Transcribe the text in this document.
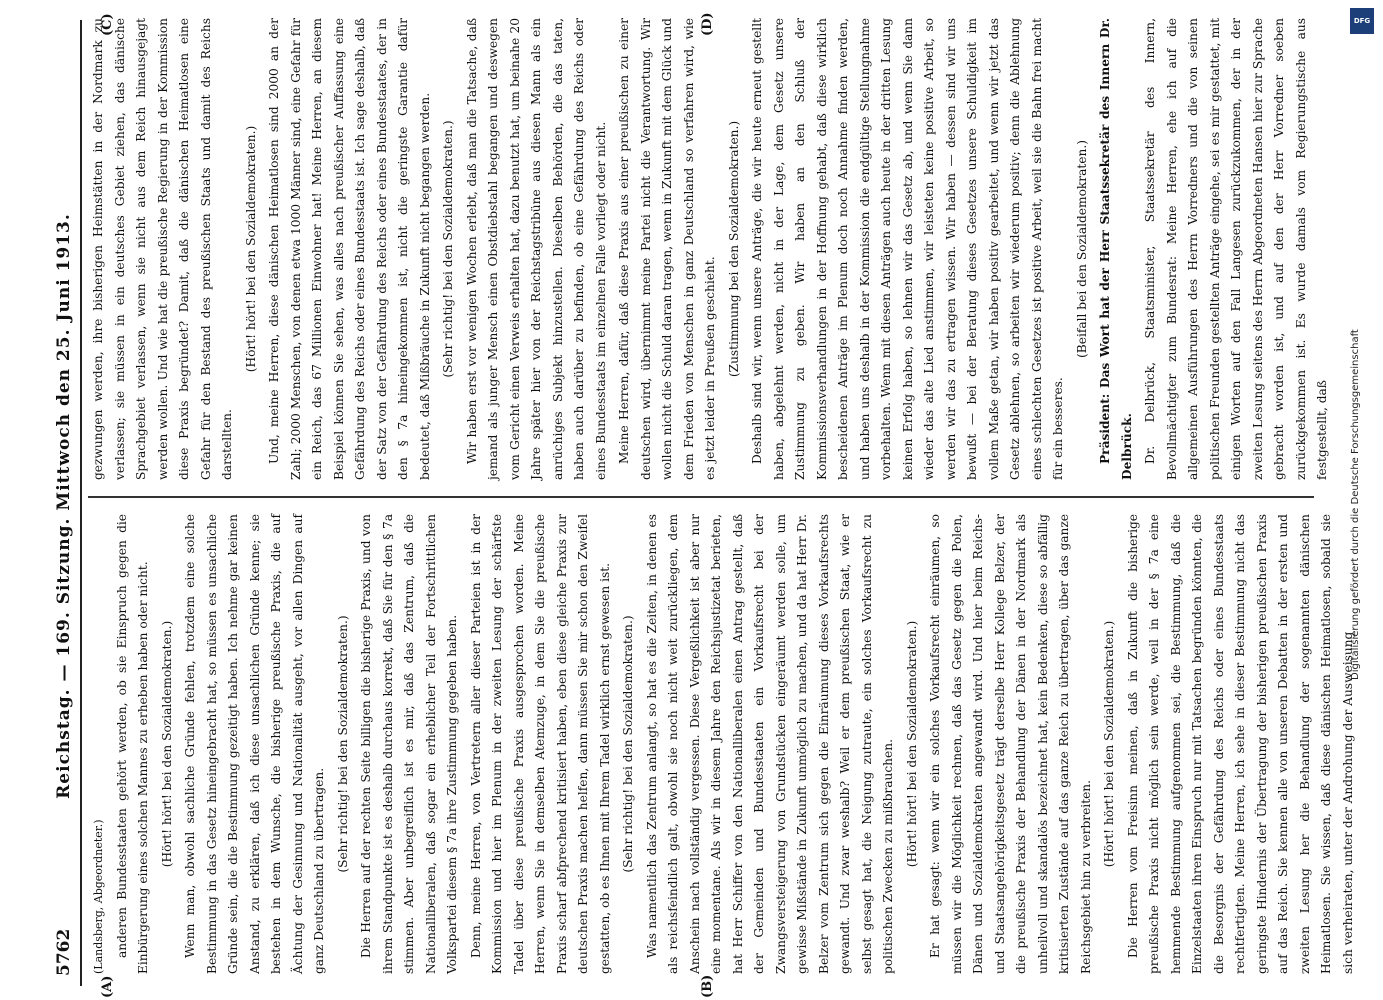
5762
Reichstag. — 169. Sitzung. Mittwoch den 25. Juni 1913.
(A)	(B)
(C)	(D)

(Landsberg, Abgeordneter.) anderen Bundesstaaten gehört werden, ob sie Einspruch gegen die Einbürgerung eines solchen Mannes zu erheben haben oder nicht. (Hört! hört! bei den Sozialdemokraten.) Wenn man, obwohl sachliche Gründe fehlen, trotzdem eine solche Bestimmung in das Gesetz hineingebracht hat, so müssen es unsachliche Gründe sein, die die Bestimmung gezeitigt haben. Ich nehme gar keinen Anstand, zu erklären, daß ich diese unsachlichen Gründe kenne; sie bestehen in dem Wunsche, die bisherige preußische Praxis, die auf Ächtung der Gesinnung und Nationalität ausgeht, vor allen Dingen auf ganz Deutschland zu übertragen. (Sehr richtig! bei den Sozialdemokraten.) Die Herren auf der rechten Seite billigen die bisherige Praxis, und von ihrem Standpunkte ist es deshalb durchaus korrekt, daß Sie für den § 7a stimmen. Aber unbegreiflich ist es mir, daß das Zentrum, daß die Nationalliberalen, daß sogar ein erheblicher Teil der Fortschrittlichen Volkspartei diesem § 7a ihre Zustimmung gegeben haben. Denn, meine Herren, von Vertretern aller dieser Parteien ist in der Kommission und hier im Plenum in der zweiten Lesung der schärfste Tadel über diese preußische Praxis ausgesprochen worden. Meine Herren, wenn Sie in demselben Atemzuge, in dem Sie die preußische Praxis scharf abfprechend kritisiert haben, eben diese gleiche Praxis zur deutschen Praxis machen helfen, dann müssen Sie mir schon den Zweifel gestatten, ob es Ihnen mit Ihrem Tadel wirklich ernst gewesen ist. (Sehr richtig! bei den Sozialdemokraten.) Was namentlich das Zentrum anlangt, so hat es die Zeiten, in denen es als reichsfeindlich galt, obwohl sie noch nicht weit zurückliegen, dem Anschein nach vollständig vergessen. Diese Vergeßlichkeit ist aber nur eine momentane. Als wir in diesem Jahre den Reichsjustizetat berieten, hat Herr Schiffer von den Nationalliberalen einen Antrag gestellt, daß der Gemeinden und Bundesstaaten ein Vorkaufsrecht bei der Zwangsversteigerung von Grundstücken eingeräumt werden solle, um gewisse Mißstände in Zukunft unmöglich zu machen, und da hat Herr Dr. Belzer vom Zentrum sich gegen die Einräumung dieses Vorkaufsrechts gewandt. Und zwar weshalb? Weil er dem preußischen Staat, wie er selbst gesagt hat, die Neigung zutraute, ein solches Vorkaufsrecht zu politischen Zwecken zu mißbrauchen. (Hört! hört! bei den Sozialdemokraten.) Er hat gesagt: wenn wir ein solches Vorkaufsrecht einräumen, so müssen wir die Möglichkeit rechnen, daß das Gesetz gegen die Polen, Dänen und Sozialdemokraten angewandt wird. Und hier beim Reichs- und Staatsangehörigkeitsgesetz trägt derselbe Herr Kollege Belzer, der die preußische Praxis der Behandlung der Dänen in der Nordmark als unheilvoll und skandalös bezeichnet hat, kein Bedenken, diese so abfällig kritisierten Zustände auf das ganze Reich zu übertragen, über das ganze Reichsgebiet hin zu verbreiten.

(Hört! hört! bei den Sozialdemokraten.) Die Herren vom Freisinn meinen, daß in Zukunft die bisherige preußische Praxis nicht möglich sein werde, weil in der § 7a eine hemmende Bestimmung aufgenommen sei, die Bestimmung, daß die Einzelstaaten ihren Einspruch nur mit Tatsachen begründen könnten, die die Besorgnis der Gefährdung des Reichs oder eines Bundesstaats rechtfertigten. Meine Herren, ich sehe in dieser Bestimmung nicht das geringste Hindernis der Übertragung der bisherigen preußischen Praxis auf das Reich. Sie kennen alle von unseren Debatten in der ersten und zweiten Lesung her die Behandlung der sogenannten dänischen Heimatlosen. Sie wissen, daß diese dänischen Heimatlosen, sobald sie sich verheiraten, unter der Androhung der Ausweisung

gezwungen werden, ihre bisherigen Heimstätten in der Nordmark zu verlassen; sie müssen in ein deutsches Gebiet ziehen, das dänische Sprachgebiet verlassen, wenn sie nicht aus dem Reich hinausgejagt werden wollen. Und wie hat die preußische Regierung in der Kommission diese Praxis begründet? Damit, daß die dänischen Heimatlosen eine Gefahr für den Bestand des preußischen Staats und damit des Reichs darstellten.

(Hört! hört! bei den Sozialdemokraten.) Und, meine Herren, diese dänischen Heimatlosen sind 2000 an der Zahl; 2000 Menschen, von denen etwa 1000 Männer sind, eine Gefahr für ein Reich, das 67 Millionen Einwohner hat! Meine Herren, an diesem Beispiel können Sie sehen, was alles nach preußischer Auffassung eine Gefährdung des Reichs oder eines Bundesstaats ist. Ich sage deshalb, daß der Satz von der Gefährdung des Reichs oder eines Bundesstaates, der in den § 7a hineingekommen ist, nicht die geringste Garantie dafür bedeutet, daß Mißbräuche in Zukunft nicht begangen werden. (Sehr richtig! bei den Sozialdemokraten.) Wir haben erst vor wenigen Wochen erlebt, daß man die Tatsache, daß jemand als junger Mensch einen Obstdiebstahl begangen und deswegen vom Gericht einen Verweis erhalten hat, dazu benutzt hat, um beinahe 20 Jahre später hier von der Reichstagstribüne aus diesen Mann als ein anrüchiges Subjekt hinzustellen. Dieselben Behörden, die das taten, haben auch darüber zu befinden, ob eine Gefährdung des Reichs oder eines Bundesstaats im einzelnen Falle vorliegt oder nicht. Meine Herren, dafür, daß diese Praxis aus einer preußischen zu einer deutschen wird, übernimmt meine Partei nicht die Verantwortung. Wir wollen nicht die Schuld daran tragen, wenn in Zukunft mit dem Glück und dem Frieden von Menschen in ganz Deutschland so verfahren wird, wie es jetzt leider in Preußen geschieht. (Zustimmung bei den Sozialdemokraten.) Deshalb sind wir, wenn unsere Anträge, die wir heute erneut gestellt haben, abgelehnt werden, nicht in der Lage, dem Gesetz unsere Zustimmung zu geben. Wir haben an den Schluß der Kommissionsverhandlungen in der Hoffnung gehabt, daß diese wirklich bescheidenen Anträge im Plenum doch noch Annahme finden werden, und haben uns deshalb in der Kommission die endgültige Stellungnahme vorbehalten. Wenn mit diesen Anträgen auch heute in der dritten Lesung keinen Erfolg haben, so lehnen wir das Gesetz ab, und wenn Sie dann wieder das alte Lied anstimmen, wir leisteten keine positive Arbeit, so werden wir das zu ertragen wissen. Wir haben — dessen sind wir uns bewußt — bei der Beratung dieses Gesetzes unsere Schuldigkeit im vollem Maße getan, wir haben positiv gearbeitet, und wenn wir jetzt das Gesetz ablehnen, so arbeiten wir wiederum positiv; denn die Ablehnung eines schlechten Gesetzes ist positive Arbeit, weil sie die Bahn frei macht für ein besseres.

(Beifall bei den Sozialdemokraten.) Präsident: Das Wort hat der Herr Staatssekretär des Innern Dr. Delbrück. Dr. Delbrück, Staatsminister, Staatssekretär des Innern, Bevollmächtigter zum Bundesrat: Meine Herren, ehe ich auf die allgemeinen Ausführungen des Herrn Vorredners und die von seinen politischen Freunden gestellten Anträge eingehe, sei es mir gestattet, mit einigen Worten auf den Fall Langesen zurückzukommen, der in der zweiten Lesung seitens des Herrn Abgeordneten Hansen hier zur Sprache gebracht worden ist, und auf den der Herr Vorredner soeben zurückgekommen ist. Es wurde damals vom Regierungstische aus festgestellt, daß

DFG
Digitalisierung gefördert durch die Deutsche Forschungsgemeinschaft
